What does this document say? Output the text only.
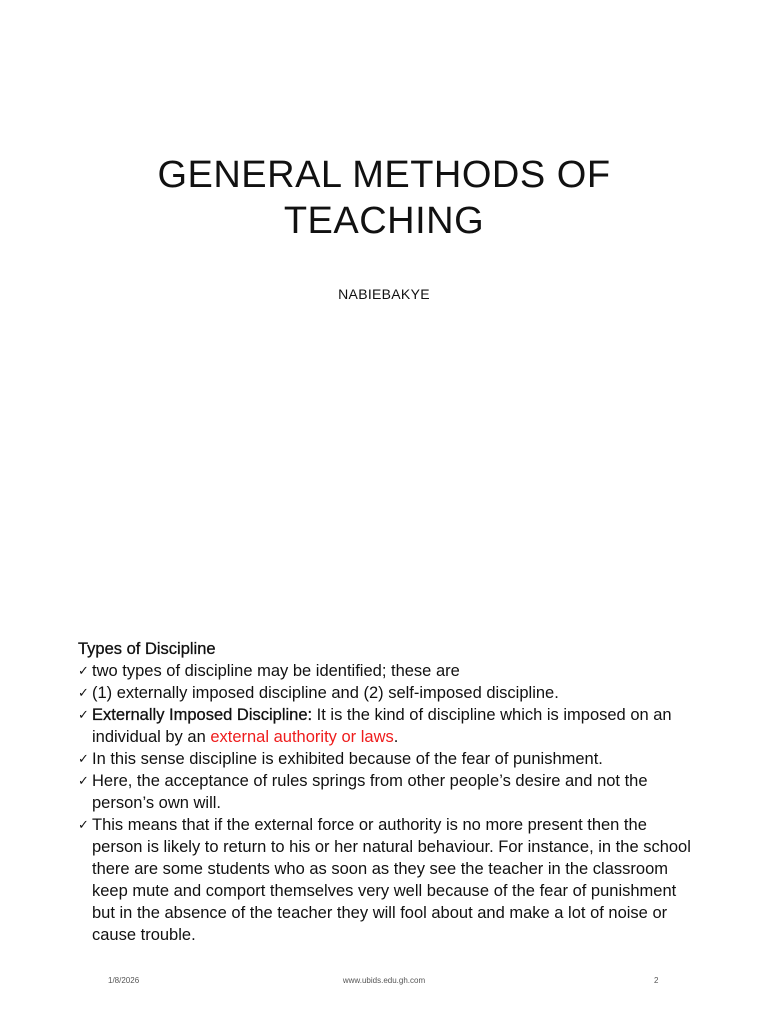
GENERAL METHODS OF
TEACHING
NABIEBAKYE
Types of Discipline
✓ two types of discipline may be identified; these are
✓ (1) externally imposed discipline and (2) self-imposed discipline.
✓ Externally Imposed Discipline: It is the kind of discipline which is imposed on an individual by an external authority or laws.
✓ In this sense discipline is exhibited because of the fear of punishment.
✓ Here, the acceptance of rules springs from other people’s desire and not the person’s own will.
✓ This means that if the external force or authority is no more present then the person is likely to return to his or her natural behaviour. For instance, in the school there are some students who as soon as they see the teacher in the classroom keep mute and comport themselves very well because of the fear of punishment but in the absence of the teacher they will fool about and make a lot of noise or cause trouble.
1/8/2026	www.ubids.edu.gh.com	2
